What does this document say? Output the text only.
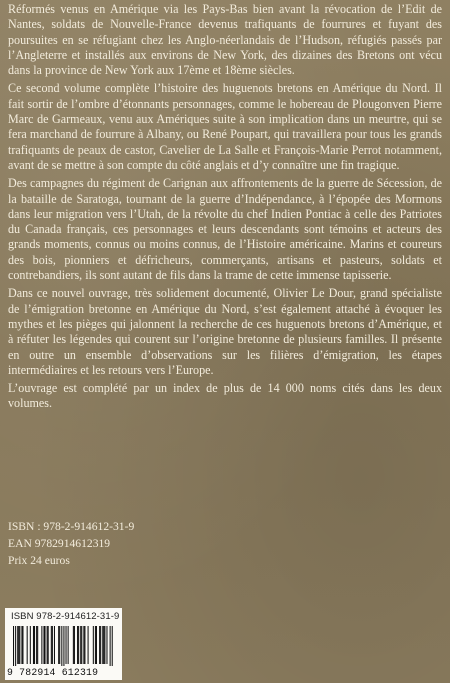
Réformés venus en Amérique via les Pays-Bas bien avant la révocation de l’Edit de Nantes, soldats de Nouvelle-France devenus trafiquants de fourrures et fuyant des poursuites en se réfugiant chez les Anglo-néerlandais de l’Hudson, réfugiés passés par l’Angleterre et installés aux environs de New York, des dizaines des Bretons ont vécu dans la province de New York aux 17ème et 18ème siècles.

Ce second volume complète l’histoire des huguenots bretons en Amérique du Nord. Il fait sortir de l’ombre d’étonnants personnages, comme le hobereau de Plougonven Pierre Marc de Garmeaux, venu aux Amériques suite à son implication dans un meurtre, qui se fera marchand de fourrure à Albany, ou René Poupart, qui travaillera pour tous les grands trafiquants de peaux de castor, Cavelier de La Salle et François-Marie Perrot notamment, avant de se mettre à son compte du côté anglais et d’y connaître une fin tragique.

Des campagnes du régiment de Carignan aux affrontements de la guerre de Sécession, de la bataille de Saratoga, tournant de la guerre d’Indépendance, à l’épopée des Mormons dans leur migration vers l’Utah, de la révolte du chef Indien Pontiac à celle des Patriotes du Canada français, ces personnages et leurs descendants sont témoins et acteurs des grands moments, connus ou moins connus, de l’Histoire américaine. Marins et coureurs des bois, pionniers et défricheurs, commerçants, artisans et pasteurs, soldats et contrebandiers, ils sont autant de fils dans la trame de cette immense tapisserie.

Dans ce nouvel ouvrage, très solidement documenté, Olivier Le Dour, grand spécialiste de l’émigration bretonne en Amérique du Nord, s’est également attaché à évoquer les mythes et les pièges qui jalonnent la recherche de ces huguenots bretons d’Amérique, et à réfuter les légendes qui courent sur l’origine bretonne de plusieurs familles. Il présente en outre un ensemble d’observations sur les filières d’émigration, les étapes intermédiaires et les retours vers l’Europe.

L’ouvrage est complété par un index de plus de 14 000 noms cités dans les deux volumes.

ISBN : 978-2-914612-31-9
EAN 9782914612319
Prix 24 euros
ISBN 978-2-914612-31-9
9 782914 612319
